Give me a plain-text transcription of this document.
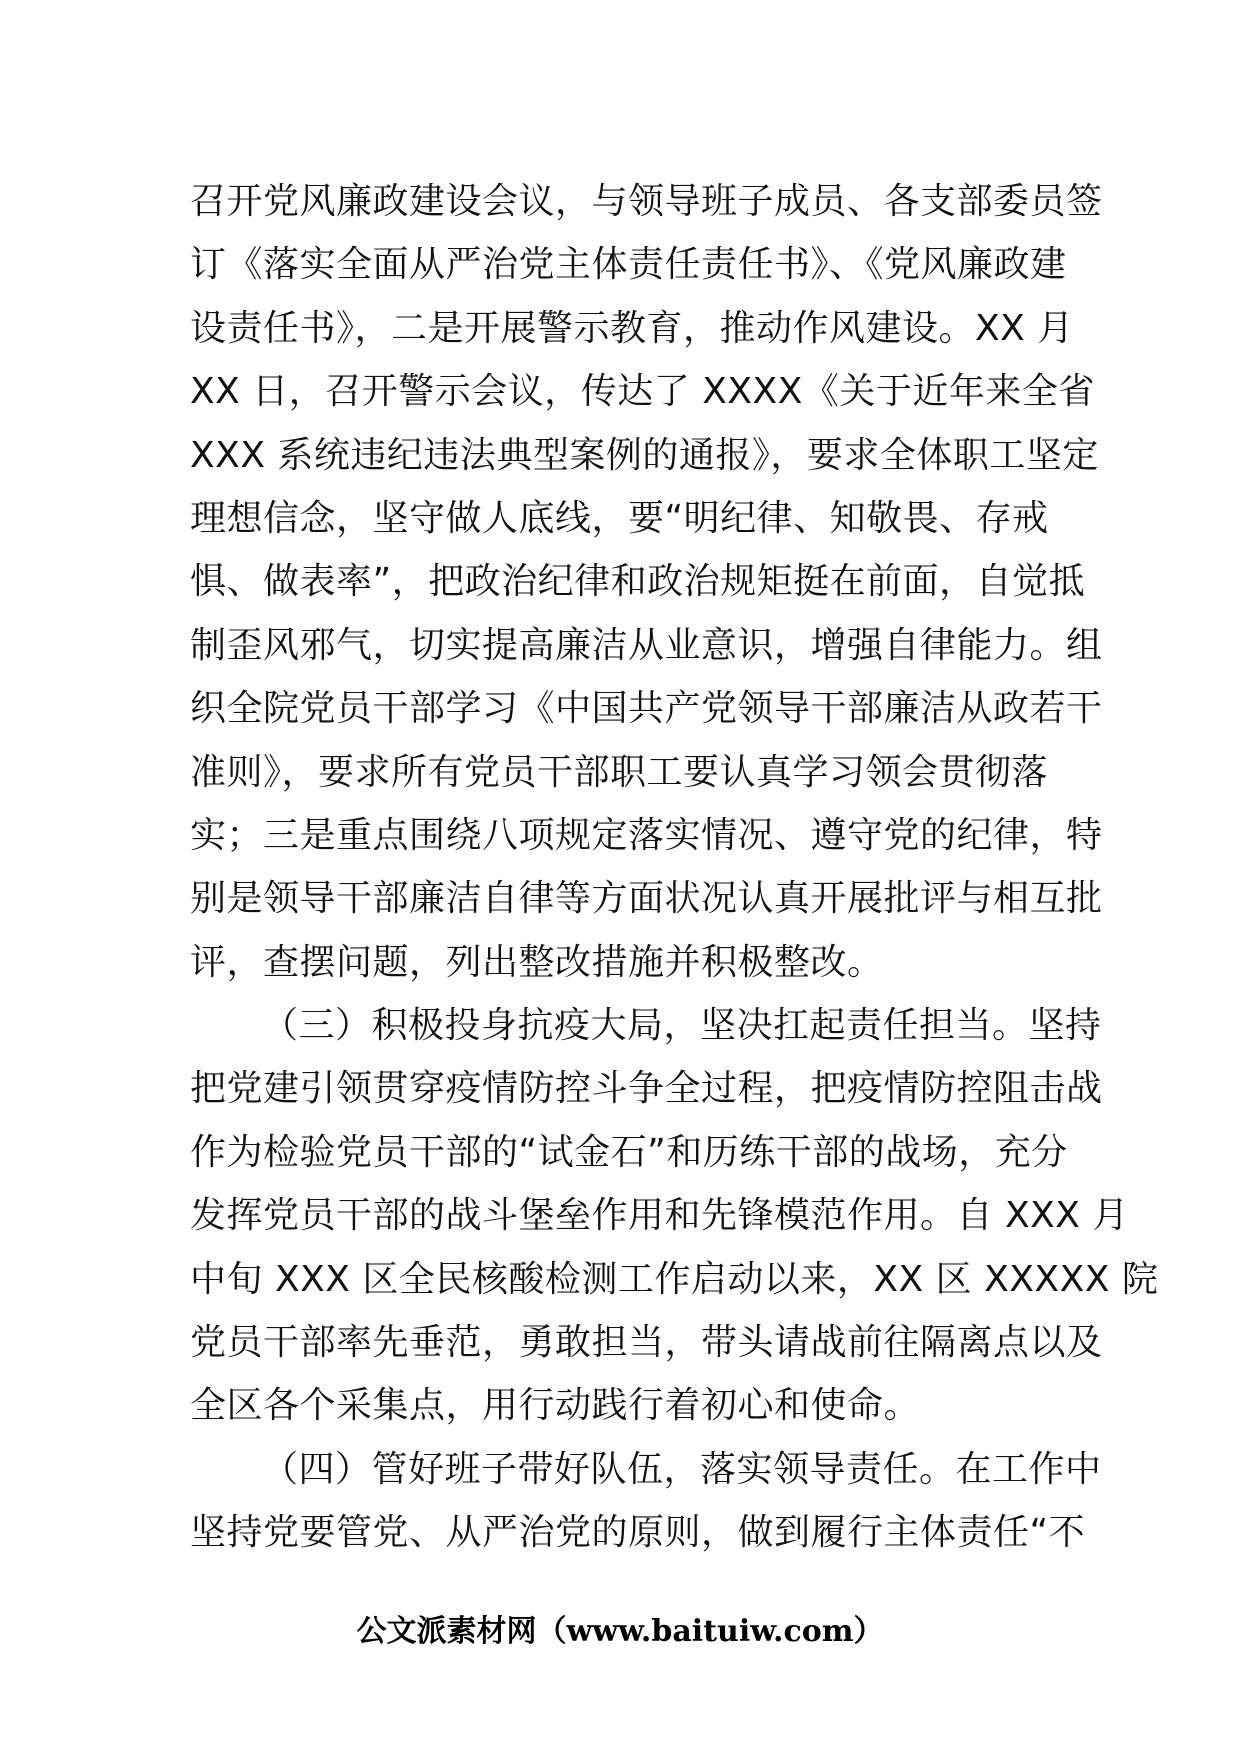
召开党风廉政建设会议，与领导班子成员、各支部委员签
订《落实全面从严治党主体责任责任书》、《党风廉政建
设责任书》，二是开展警示教育，推动作风建设。XX 月
XX 日，召开警示会议，传达了 XXXX《关于近年来全省
XXX 系统违纪违法典型案例的通报》，要求全体职工坚定
理想信念，坚守做人底线，要“明纪律、知敬畏、存戒
惧、做表率”，把政治纪律和政治规矩挺在前面，自觉抵
制歪风邪气，切实提高廉洁从业意识，增强自律能力。组
织全院党员干部学习《中国共产党领导干部廉洁从政若干
准则》，要求所有党员干部职工要认真学习领会贯彻落
实；三是重点围绕八项规定落实情况、遵守党的纪律，特
别是领导干部廉洁自律等方面状况认真开展批评与相互批
评，查摆问题，列出整改措施并积极整改。
（三）积极投身抗疫大局，坚决扛起责任担当。坚持
把党建引领贯穿疫情防控斗争全过程，把疫情防控阻击战
作为检验党员干部的“试金石”和历练干部的战场，充分
发挥党员干部的战斗堡垒作用和先锋模范作用。自 XXX 月
中旬 XXX 区全民核酸检测工作启动以来，XX 区 XXXXX 院
党员干部率先垂范，勇敢担当，带头请战前往隔离点以及
全区各个采集点，用行动践行着初心和使命。
（四）管好班子带好队伍，落实领导责任。在工作中
坚持党要管党、从严治党的原则，做到履行主体责任“不
公文派素材网（www.baituiw.com）
